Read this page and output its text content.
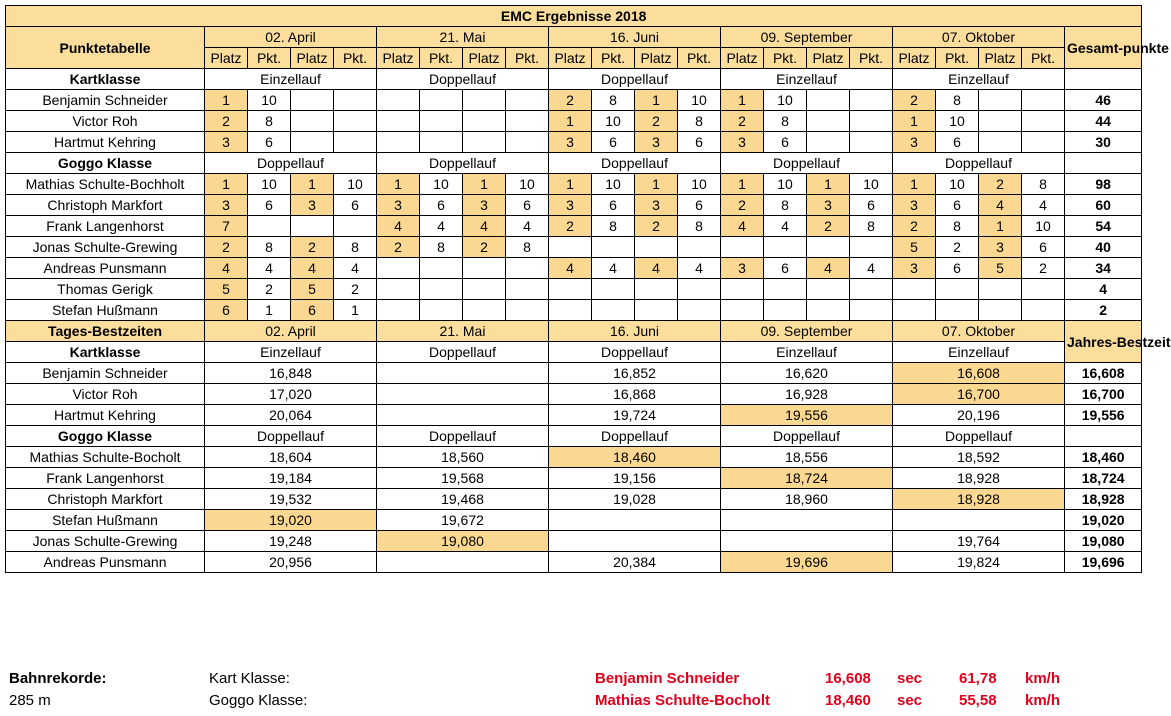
EMC Ergebnisse 2018																					
Punktetabelle	02. April				21. Mai				16. Juni				09. September				07. Oktober				Gesamt-punkte
	Platz	Pkt.	Platz	Pkt.	Platz	Pkt.	Platz	Pkt.	Platz	Pkt.	Platz	Pkt.	Platz	Pkt.	Platz	Pkt.	Platz	Pkt.	Platz	Pkt.	
Kartklasse	Einzellauf				Doppellauf				Doppellauf				Einzellauf				Einzellauf				
Benjamin Schneider	1	10							2	8	1	10	1	10			2	8			46
Victor Roh	2	8							1	10	2	8	2	8			1	10			44
Hartmut Kehring	3	6							3	6	3	6	3	6			3	6			30
Goggo Klasse	Doppellauf				Doppellauf				Doppellauf				Doppellauf				Doppellauf				
Mathias Schulte-Bochholt	1	10	1	10	1	10	1	10	1	10	1	10	1	10	1	10	1	10	2	8	98
Christoph Markfort	3	6	3	6	3	6	3	6	3	6	3	6	2	8	3	6	3	6	4	4	60
Frank Langenhorst	7				4	4	4	4	2	8	2	8	4	4	2	8	2	8	1	10	54
Jonas Schulte-Grewing	2	8	2	8	2	8	2	8									5	2	3	6	40
Andreas Punsmann	4	4	4	4					4	4	4	4	3	6	4	4	3	6	5	2	34
Thomas Gerigk	5	2	5	2																	4
Stefan Hußmann	6	1	6	1																	2
Tages-Bestzeiten	02. April				21. Mai				16. Juni				09. September				07. Oktober				Jahres-Bestzeit
Kartklasse	Einzellauf				Doppellauf				Doppellauf				Einzellauf				Einzellauf				
Benjamin Schneider	16,848								16,852				16,620				16,608				16,608
Victor Roh	17,020								16,868				16,928				16,700				16,700
Hartmut Kehring	20,064								19,724				19,556				20,196				19,556
Goggo Klasse	Doppellauf				Doppellauf				Doppellauf				Doppellauf				Doppellauf				
Mathias Schulte-Bocholt	18,604				18,560				18,460				18,556				18,592				18,460
Frank Langenhorst	19,184				19,568				19,156				18,724				18,928				18,724
Christoph Markfort	19,532				19,468				19,028				18,960				18,928				18,928
Stefan Hußmann	19,020				19,672																19,020
Jonas Schulte-Grewing	19,248				19,080												19,764				19,080
Andreas Punsmann	20,956								20,384				19,696				19,824				19,696
Bahnrekorde:
285 m
Kart Klasse:	Benjamin Schneider	16,608 sec 61,78 km/h
Goggo Klasse:	Mathias Schulte-Bocholt	18,460 sec 55,58 km/h
